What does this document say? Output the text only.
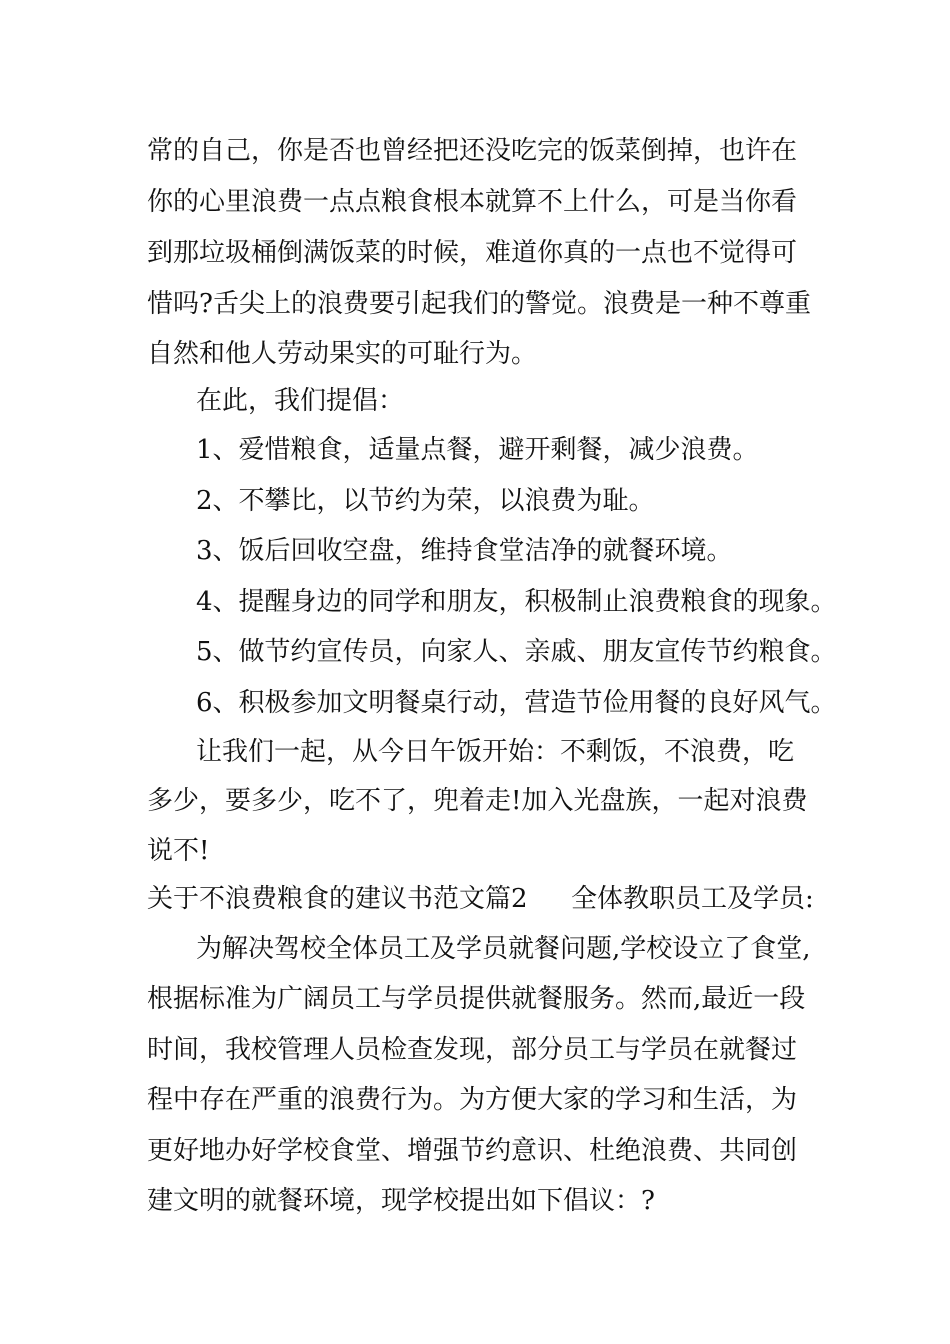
常的自己，你是否也曾经把还没吃完的饭菜倒掉，也许在
你的心里浪费一点点粮食根本就算不上什么，可是当你看
到那垃圾桶倒满饭菜的时候，难道你真的一点也不觉得可
惜吗?舌尖上的浪费要引起我们的警觉。浪费是一种不尊重
自然和他人劳动果实的可耻行为。
在此，我们提倡：
1、爱惜粮食，适量点餐，避开剩餐，减少浪费。
2、不攀比，以节约为荣，以浪费为耻。
3、饭后回收空盘，维持食堂洁净的就餐环境。
4、提醒身边的同学和朋友，积极制止浪费粮食的现象。
5、做节约宣传员，向家人、亲戚、朋友宣传节约粮食。
6、积极参加文明餐桌行动，营造节俭用餐的良好风气。
让我们一起，从今日午饭开始：不剩饭，不浪费，吃
多少，要多少，吃不了，兜着走!加入光盘族，一起对浪费
说不!
关于不浪费粮食的建议书范文篇2 全体教职员工及学员:
为解决驾校全体员工及学员就餐问题,学校设立了食堂,
根据标准为广阔员工与学员提供就餐服务。然而,最近一段
时间，我校管理人员检查发现，部分员工与学员在就餐过
程中存在严重的浪费行为。为方便大家的学习和生活，为
更好地办好学校食堂、增强节约意识、杜绝浪费、共同创
建文明的就餐环境，现学校提出如下倡议：?
